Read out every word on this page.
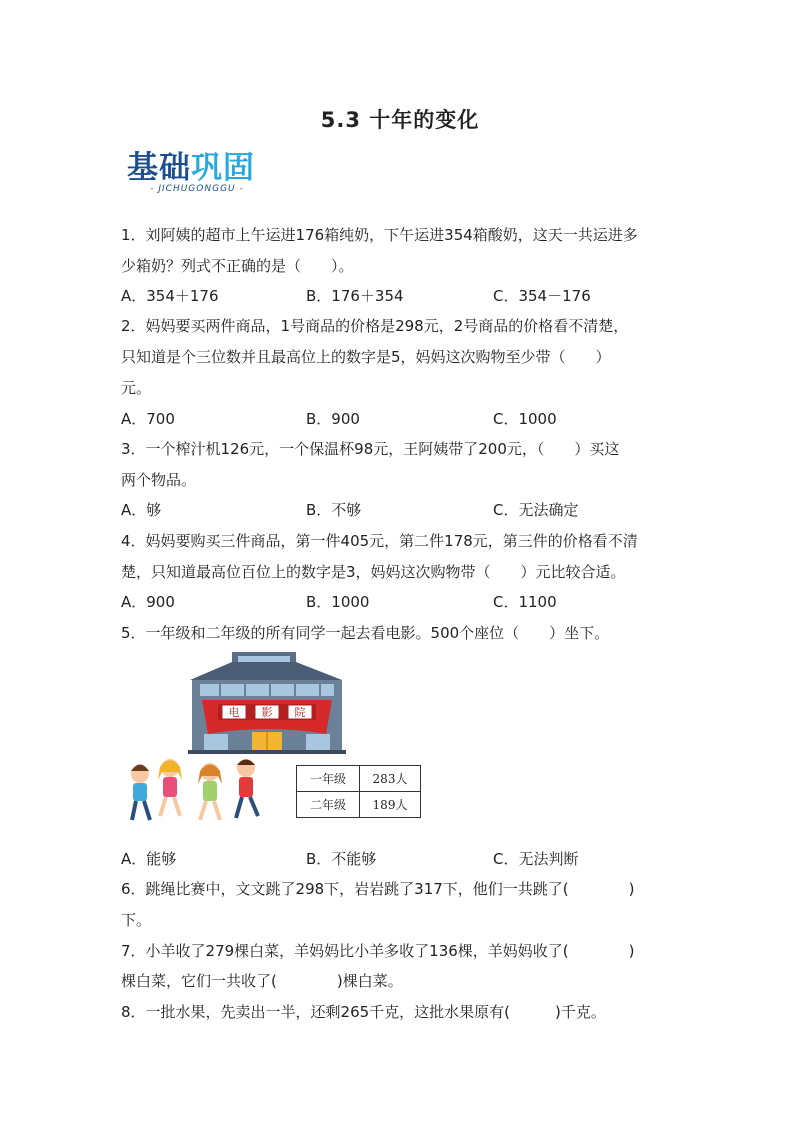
5.3 十年的变化
基础巩固
- JICHUGONGGU -
1．刘阿姨的超市上午运进176箱纯奶，下午运进354箱酸奶，这天一共运进多
少箱奶？列式不正确的是（　　）。
A．354＋176	B．176＋354	C．354－176
2．妈妈要买两件商品，1号商品的价格是298元，2号商品的价格看不清楚，
只知道是个三位数并且最高位上的数字是5，妈妈这次购物至少带（　　）
元。
A．700	B．900	C．1000
3．一个榨汁机126元，一个保温杯98元，王阿姨带了200元，（　　）买这
两个物品。
A．够	B．不够	C．无法确定
4．妈妈要购买三件商品，第一件405元，第二件178元，第三件的价格看不清
楚，只知道最高位百位上的数字是3，妈妈这次购物带（　　）元比较合适。
A．900	B．1000	C．1100
5．一年级和二年级的所有同学一起去看电影。500个座位（　　）坐下。
电 影 院
一年级	283人
二年级	189人
A．能够	B．不能够	C．无法判断
6．跳绳比赛中，文文跳了298下，岩岩跳了317下，他们一共跳了(　　　　)
下。
7．小羊收了279棵白菜，羊妈妈比小羊多收了136棵，羊妈妈收了(　　　　)
棵白菜，它们一共收了(　　　　)棵白菜。
8．一批水果，先卖出一半，还剩265千克，这批水果原有(　　　)千克。
